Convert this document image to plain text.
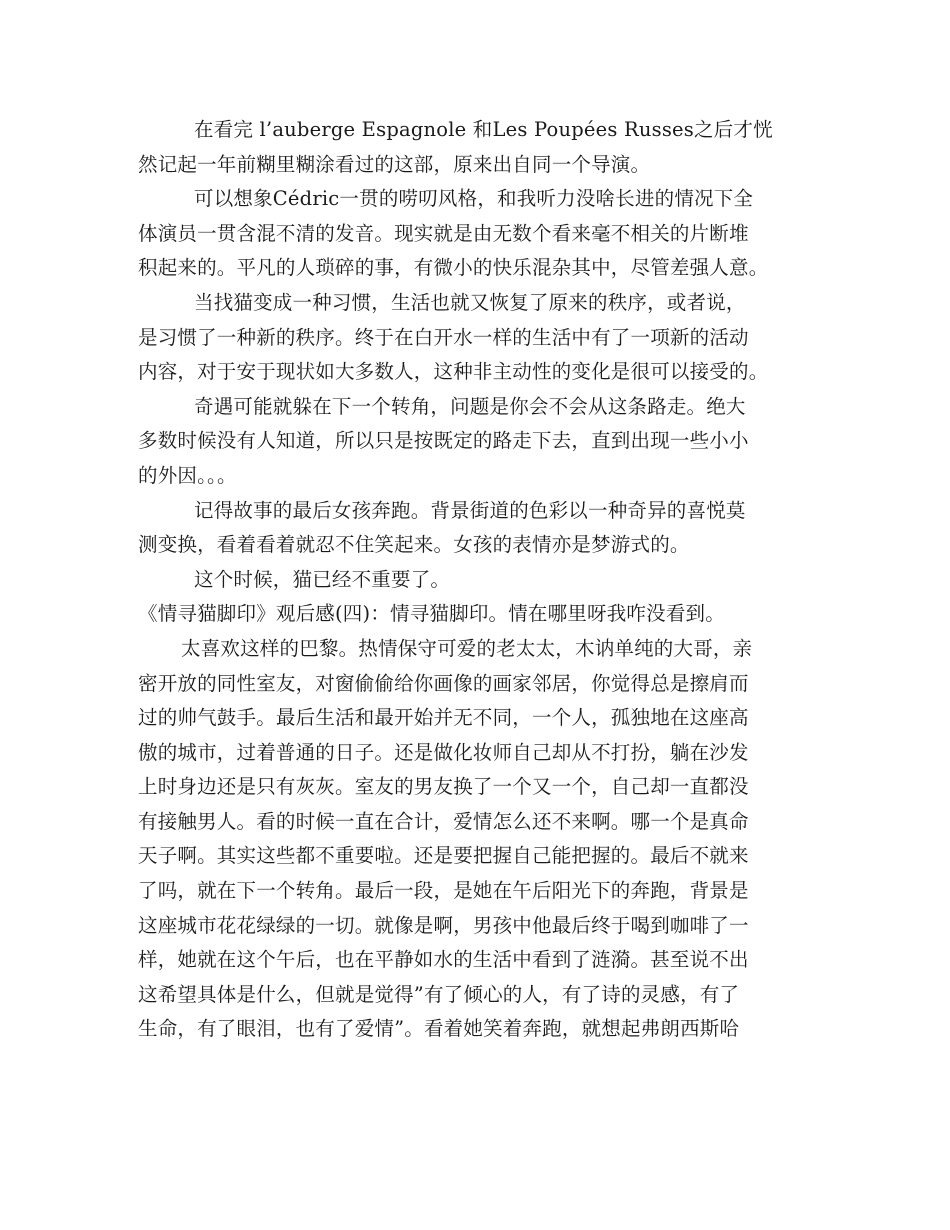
在看完 l’auberge Espagnole 和Les Poupées Russes之后才恍
然记起一年前糊里糊涂看过的这部，原来出自同一个导演。
可以想象Cédric一贯的唠叨风格，和我听力没啥长进的情况下全
体演员一贯含混不清的发音。现实就是由无数个看来毫不相关的片断堆
积起来的。平凡的人琐碎的事，有微小的快乐混杂其中，尽管差强人意。
当找猫变成一种习惯，生活也就又恢复了原来的秩序，或者说，
是习惯了一种新的秩序。终于在白开水一样的生活中有了一项新的活动
内容，对于安于现状如大多数人，这种非主动性的变化是很可以接受的。
奇遇可能就躲在下一个转角，问题是你会不会从这条路走。绝大
多数时候没有人知道，所以只是按既定的路走下去，直到出现一些小小
的外因。。。
记得故事的最后女孩奔跑。背景街道的色彩以一种奇异的喜悦莫
测变换，看着看着就忍不住笑起来。女孩的表情亦是梦游式的。
这个时候，猫已经不重要了。
《情寻猫脚印》观后感(四)：情寻猫脚印。情在哪里呀我咋没看到。
太喜欢这样的巴黎。热情保守可爱的老太太，木讷单纯的大哥，亲
密开放的同性室友，对窗偷偷给你画像的画家邻居，你觉得总是擦肩而
过的帅气鼓手。最后生活和最开始并无不同，一个人，孤独地在这座高
傲的城市，过着普通的日子。还是做化妆师自己却从不打扮，躺在沙发
上时身边还是只有灰灰。室友的男友换了一个又一个，自己却一直都没
有接触男人。看的时候一直在合计，爱情怎么还不来啊。哪一个是真命
天子啊。其实这些都不重要啦。还是要把握自己能把握的。最后不就来
了吗，就在下一个转角。最后一段，是她在午后阳光下的奔跑，背景是
这座城市花花绿绿的一切。就像是啊，男孩中他最后终于喝到咖啡了一
样，她就在这个午后，也在平静如水的生活中看到了涟漪。甚至说不出
这希望具体是什么，但就是觉得”有了倾心的人，有了诗的灵感，有了
生命，有了眼泪，也有了爱情”。看着她笑着奔跑，就想起弗朗西斯哈
